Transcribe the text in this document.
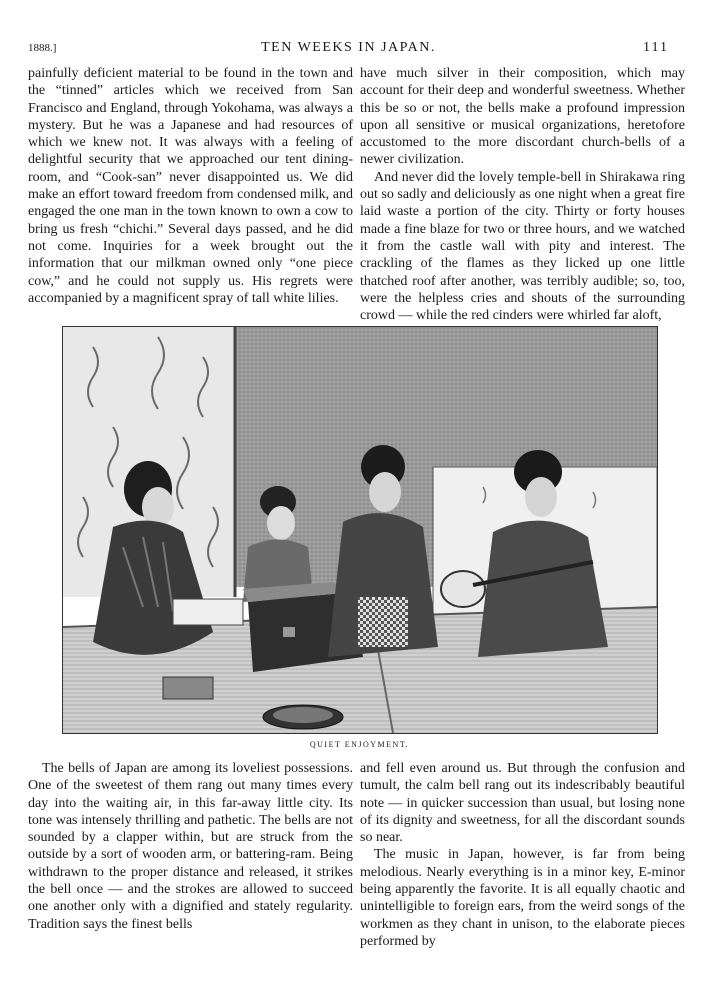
1888.]	TEN WEEKS IN JAPAN.	111

painfully deficient material to be found in the town and the “tinned” articles which we received from San Francisco and England, through Yokohama, was always a mystery. But he was a Japanese and had resources of which we knew not. It was always with a feeling of delightful security that we approached our tent dining-room, and “Cook-san” never disappointed us. We did make an effort toward freedom from condensed milk, and engaged the one man in the town known to own a cow to bring us fresh “chichi.” Several days passed, and he did not come. Inquiries for a week brought out the information that our milkman owned only “one piece cow,” and he could not supply us. His regrets were accompanied by a magnificent spray of tall white lilies.

have much silver in their composition, which may account for their deep and wonderful sweetness. Whether this be so or not, the bells make a profound impression upon all sensitive or musical organizations, heretofore accustomed to the more discordant church-bells of a newer civilization.

And never did the lovely temple-bell in Shirakawa ring out so sadly and deliciously as one night when a great fire laid waste a portion of the city. Thirty or forty houses made a fine blaze for two or three hours, and we watched it from the castle wall with pity and interest. The crackling of the flames as they licked up one little thatched roof after another, was terribly audible; so, too, were the helpless cries and shouts of the surrounding crowd — while the red cinders were whirled far aloft,

QUIET ENJOYMENT.

The bells of Japan are among its loveliest possessions. One of the sweetest of them rang out many times every day into the waiting air, in this far-away little city. Its tone was intensely thrilling and pathetic. The bells are not sounded by a clapper within, but are struck from the outside by a sort of wooden arm, or battering-ram. Being withdrawn to the proper distance and released, it strikes the bell once — and the strokes are allowed to succeed one another only with a dignified and stately regularity. Tradition says the finest bells

and fell even around us. But through the confusion and tumult, the calm bell rang out its indescribably beautiful note — in quicker succession than usual, but losing none of its dignity and sweetness, for all the discordant sounds so near.

The music in Japan, however, is far from being melodious. Nearly everything is in a minor key, E-minor being apparently the favorite. It is all equally chaotic and unintelligible to foreign ears, from the weird songs of the workmen as they chant in unison, to the elaborate pieces performed by
